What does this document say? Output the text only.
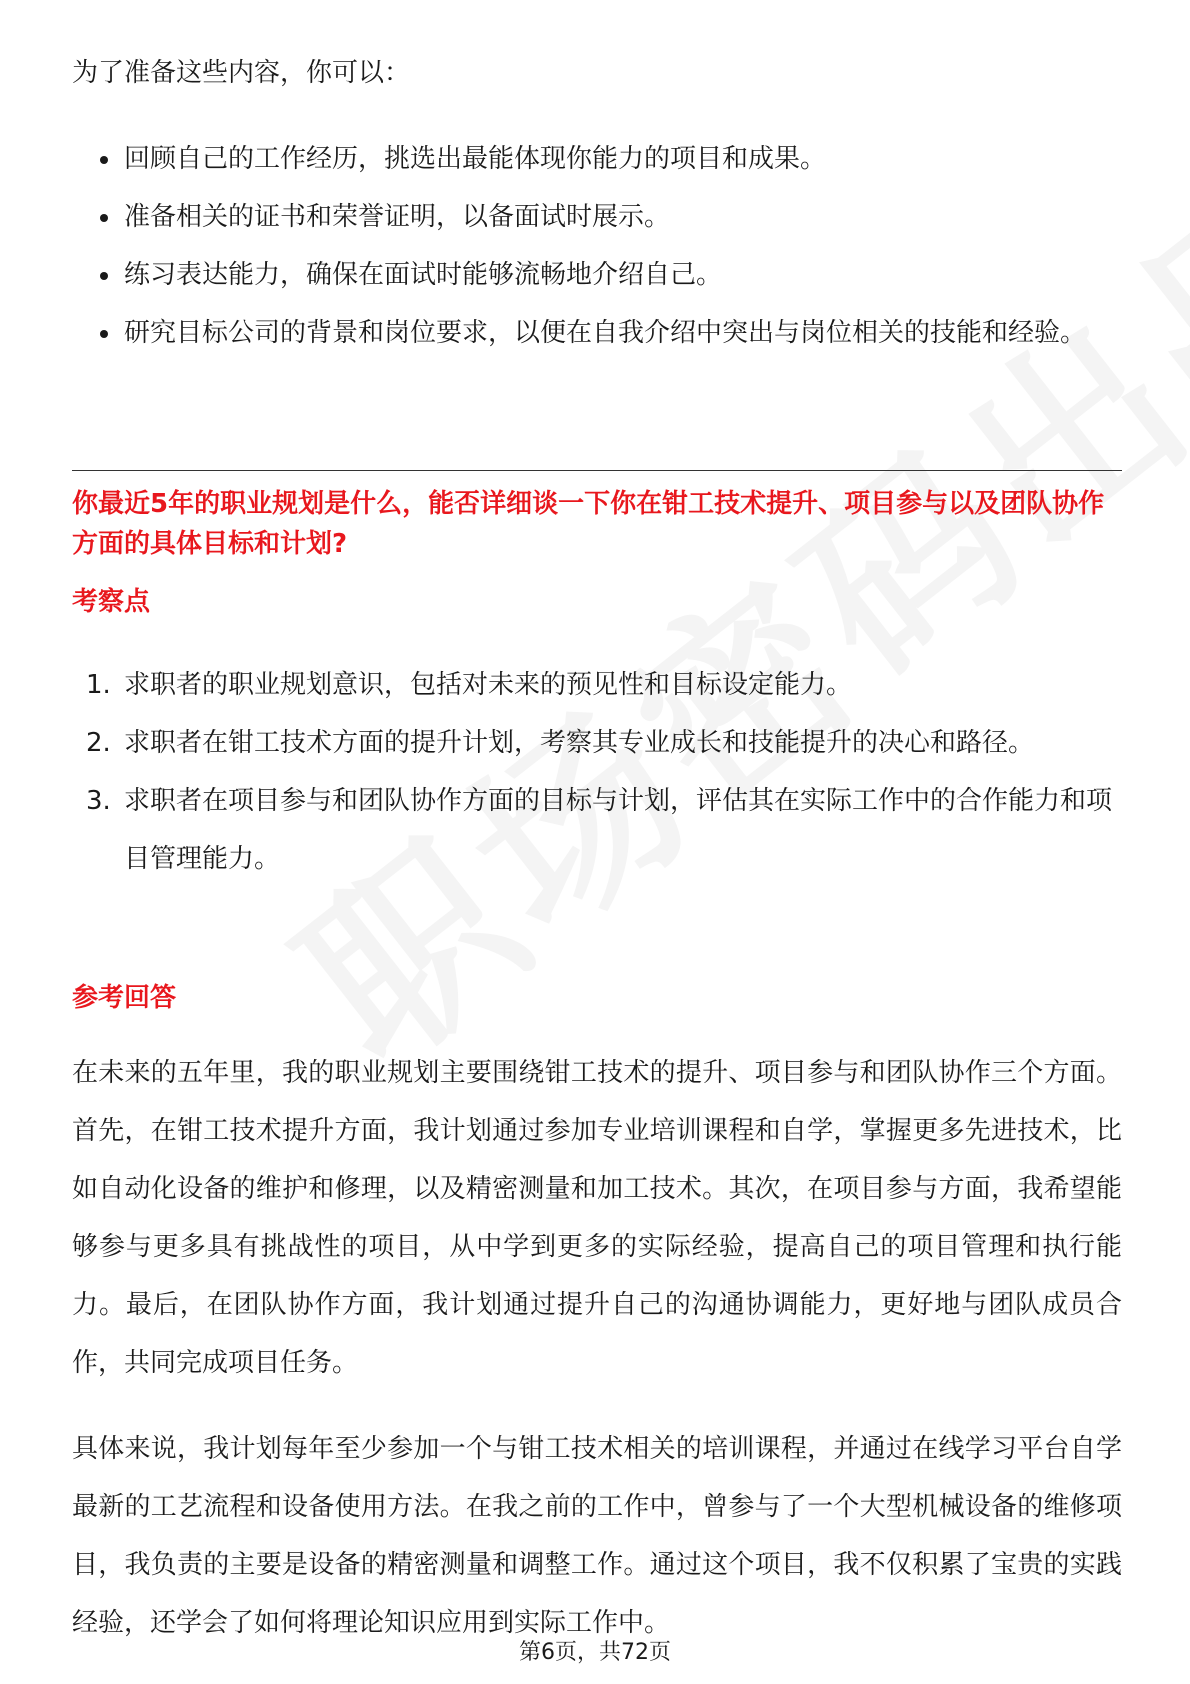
为了准备这些内容，你可以：

回顾自己的工作经历，挑选出最能体现你能力的项目和成果。
准备相关的证书和荣誉证明，以备面试时展示。
练习表达能力，确保在面试时能够流畅地介绍自己。
研究目标公司的背景和岗位要求，以便在自我介绍中突出与岗位相关的技能和经验。

你最近5年的职业规划是什么，能否详细谈一下你在钳工技术提升、项目参与以及团队协作方面的具体目标和计划?

考察点

1. 求职者的职业规划意识，包括对未来的预见性和目标设定能力。
2. 求职者在钳工技术方面的提升计划，考察其专业成长和技能提升的决心和路径。
3. 求职者在项目参与和团队协作方面的目标与计划，评估其在实际工作中的合作能力和项目管理能力。

参考回答

在未来的五年里，我的职业规划主要围绕钳工技术的提升、项目参与和团队协作三个方面。首先，在钳工技术提升方面，我计划通过参加专业培训课程和自学，掌握更多先进技术，比如自动化设备的维护和修理，以及精密测量和加工技术。其次，在项目参与方面，我希望能够参与更多具有挑战性的项目，从中学到更多的实际经验，提高自己的项目管理和执行能力。最后，在团队协作方面，我计划通过提升自己的沟通协调能力，更好地与团队成员合作，共同完成项目任务。

具体来说，我计划每年至少参加一个与钳工技术相关的培训课程，并通过在线学习平台自学最新的工艺流程和设备使用方法。在我之前的工作中，曾参与了一个大型机械设备的维修项目，我负责的主要是设备的精密测量和调整工作。通过这个项目，我不仅积累了宝贵的实践经验，还学会了如何将理论知识应用到实际工作中。

第6页，共72页
